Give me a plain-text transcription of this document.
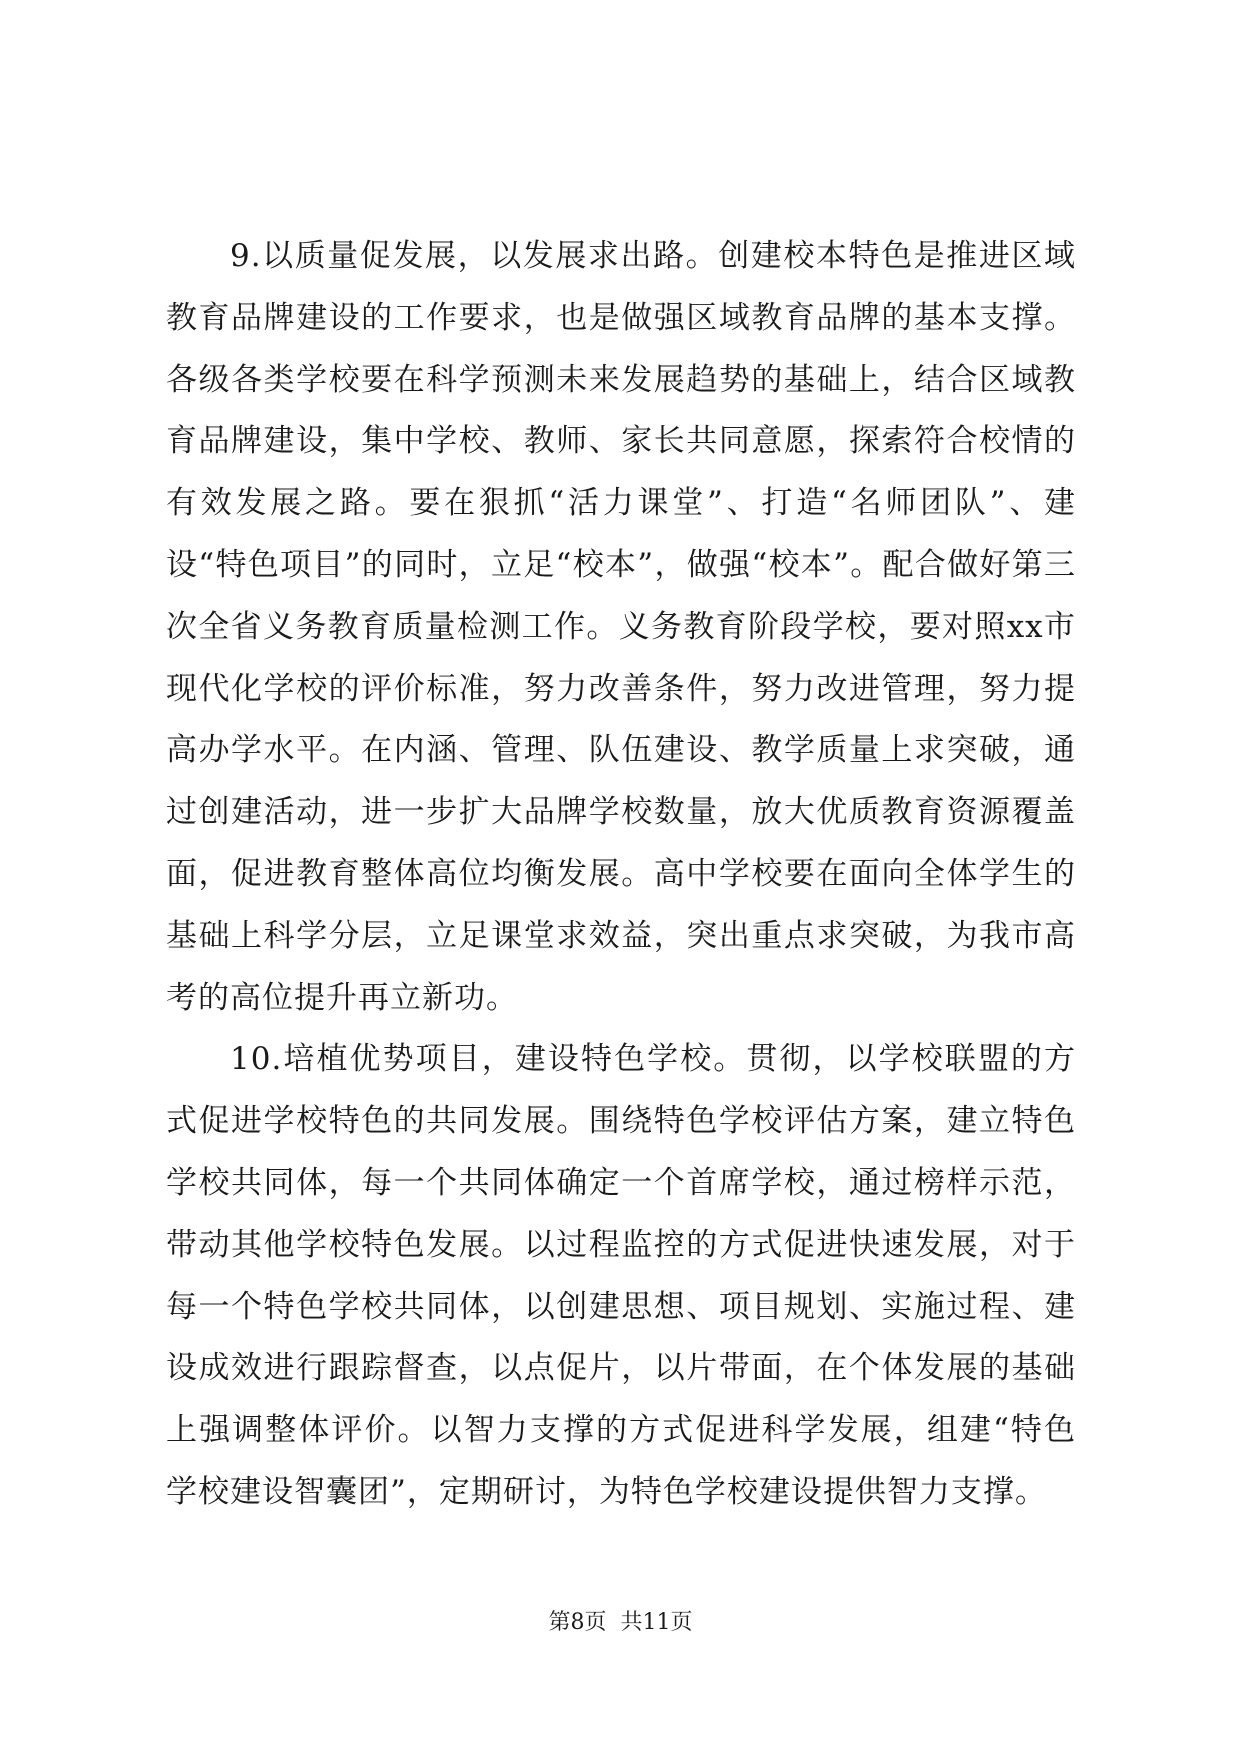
9.以质量促发展，以发展求出路。创建校本特色是推进区域教育品牌建设的工作要求，也是做强区域教育品牌的基本支撑。各级各类学校要在科学预测未来发展趋势的基础上，结合区域教育品牌建设，集中学校、教师、家长共同意愿，探索符合校情的有效发展之路。要在狠抓“活力课堂”、打造“名师团队”、建设“特色项目”的同时，立足“校本”，做强“校本”。配合做好第三次全省义务教育质量检测工作。义务教育阶段学校，要对照xx市现代化学校的评价标准，努力改善条件，努力改进管理，努力提高办学水平。在内涵、管理、队伍建设、教学质量上求突破，通过创建活动，进一步扩大品牌学校数量，放大优质教育资源覆盖面，促进教育整体高位均衡发展。高中学校要在面向全体学生的基础上科学分层，立足课堂求效益，突出重点求突破，为我市高考的高位提升再立新功。

10.培植优势项目，建设特色学校。贯彻，以学校联盟的方式促进学校特色的共同发展。围绕特色学校评估方案，建立特色学校共同体，每一个共同体确定一个首席学校，通过榜样示范，带动其他学校特色发展。以过程监控的方式促进快速发展，对于每一个特色学校共同体，以创建思想、项目规划、实施过程、建设成效进行跟踪督查，以点促片，以片带面，在个体发展的基础上强调整体评价。以智力支撑的方式促进科学发展，组建“特色学校建设智囊团”，定期研讨，为特色学校建设提供智力支撑。

第8页 共11页
